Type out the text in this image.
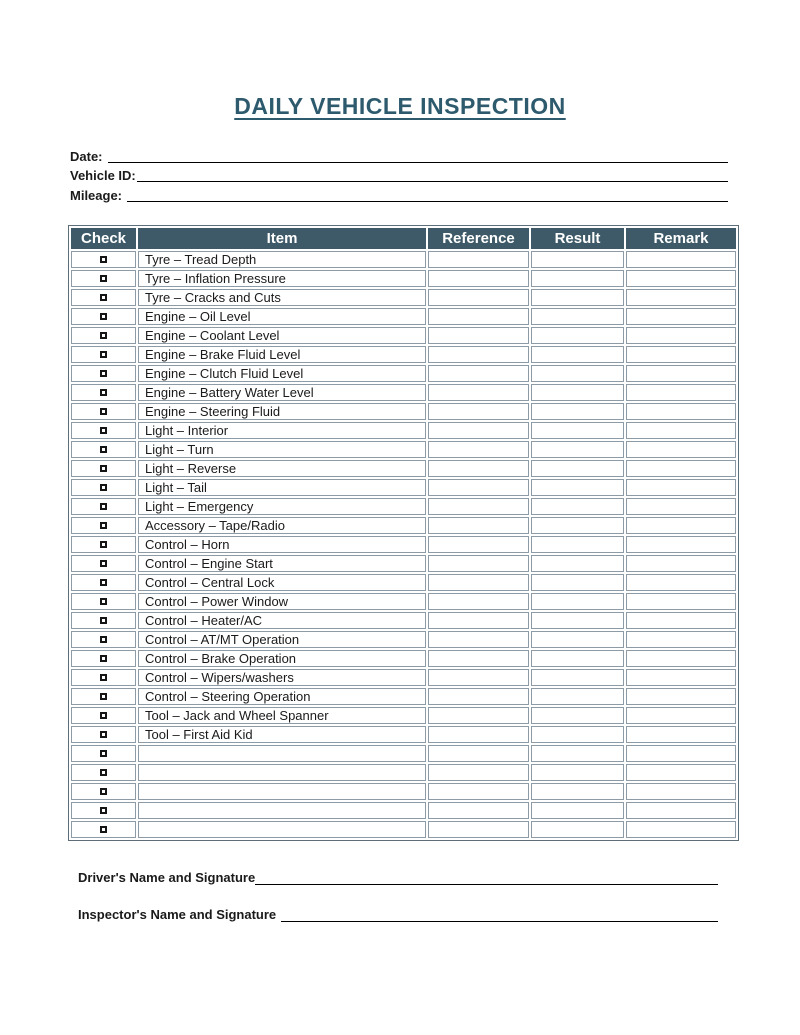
DAILY VEHICLE INSPECTION
Date:
Vehicle ID:
Mileage:
Check	Item	Reference	Result	Remark
	Tyre – Tread Depth			
	Tyre – Inflation Pressure			
	Tyre – Cracks and Cuts			
	Engine – Oil Level			
	Engine – Coolant Level			
	Engine – Brake Fluid Level			
	Engine – Clutch Fluid Level			
	Engine – Battery Water Level			
	Engine – Steering Fluid			
	Light – Interior			
	Light – Turn			
	Light – Reverse			
	Light – Tail			
	Light – Emergency			
	Accessory – Tape/Radio			
	Control – Horn			
	Control – Engine Start			
	Control – Central Lock			
	Control – Power Window			
	Control – Heater/AC			
	Control – AT/MT Operation			
	Control – Brake Operation			
	Control – Wipers/washers			
	Control – Steering Operation			
	Tool – Jack and Wheel Spanner			
	Tool – First Aid Kid			

Driver's Name and Signature
Inspector's Name and Signature
